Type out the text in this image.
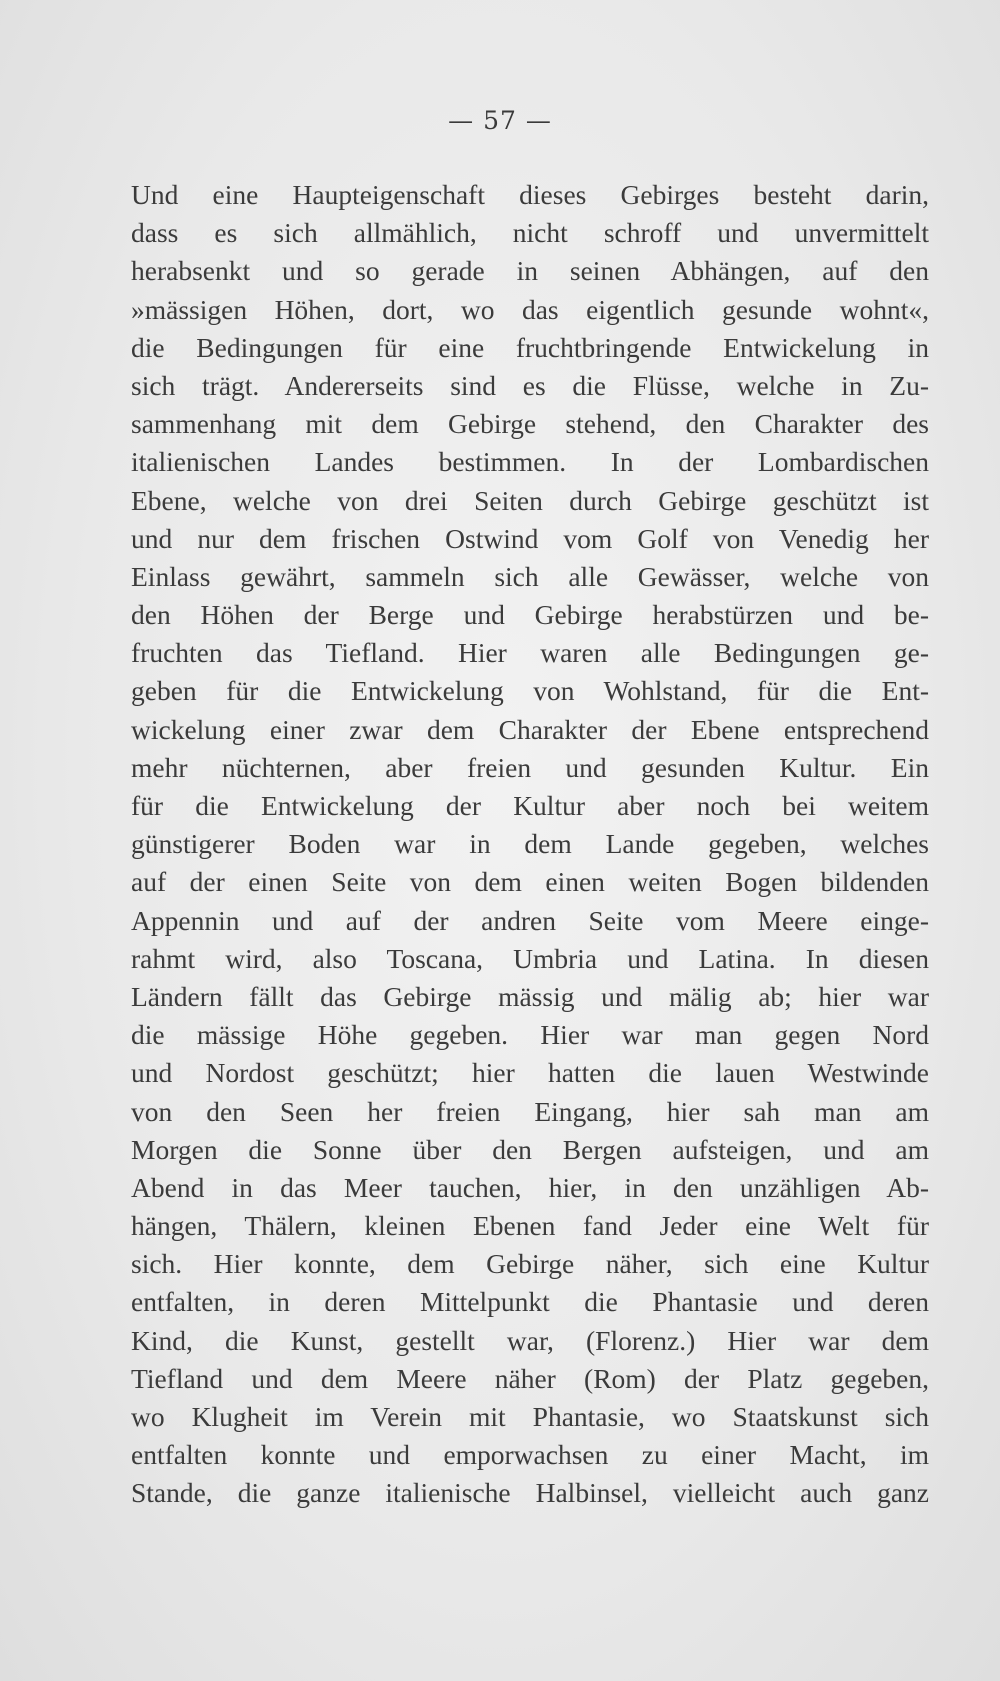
— 57 —
Und eine Haupteigenschaft dieses Gebirges besteht darin,
dass es sich allmählich, nicht schroff und unvermittelt
herabsenkt und so gerade in seinen Abhängen, auf den
»mässigen Höhen, dort, wo das eigentlich gesunde wohnt«,
die Bedingungen für eine fruchtbringende Entwickelung in
sich trägt. Andererseits sind es die Flüsse, welche in Zu-
sammenhang mit dem Gebirge stehend, den Charakter des
italienischen Landes bestimmen. In der Lombardischen
Ebene, welche von drei Seiten durch Gebirge geschützt ist
und nur dem frischen Ostwind vom Golf von Venedig her
Einlass gewährt, sammeln sich alle Gewässer, welche von
den Höhen der Berge und Gebirge herabstürzen und be-
fruchten das Tiefland. Hier waren alle Bedingungen ge-
geben für die Entwickelung von Wohlstand, für die Ent-
wickelung einer zwar dem Charakter der Ebene entsprechend
mehr nüchternen, aber freien und gesunden Kultur. Ein
für die Entwickelung der Kultur aber noch bei weitem
günstigerer Boden war in dem Lande gegeben, welches
auf der einen Seite von dem einen weiten Bogen bildenden
Appennin und auf der andren Seite vom Meere einge-
rahmt wird, also Toscana, Umbria und Latina. In diesen
Ländern fällt das Gebirge mässig und mälig ab; hier war
die mässige Höhe gegeben. Hier war man gegen Nord
und Nordost geschützt; hier hatten die lauen Westwinde
von den Seen her freien Eingang, hier sah man am
Morgen die Sonne über den Bergen aufsteigen, und am
Abend in das Meer tauchen, hier, in den unzähligen Ab-
hängen, Thälern, kleinen Ebenen fand Jeder eine Welt für
sich. Hier konnte, dem Gebirge näher, sich eine Kultur
entfalten, in deren Mittelpunkt die Phantasie und deren
Kind, die Kunst, gestellt war, (Florenz.) Hier war dem
Tiefland und dem Meere näher (Rom) der Platz gegeben,
wo Klugheit im Verein mit Phantasie, wo Staatskunst sich
entfalten konnte und emporwachsen zu einer Macht, im
Stande, die ganze italienische Halbinsel, vielleicht auch ganz
